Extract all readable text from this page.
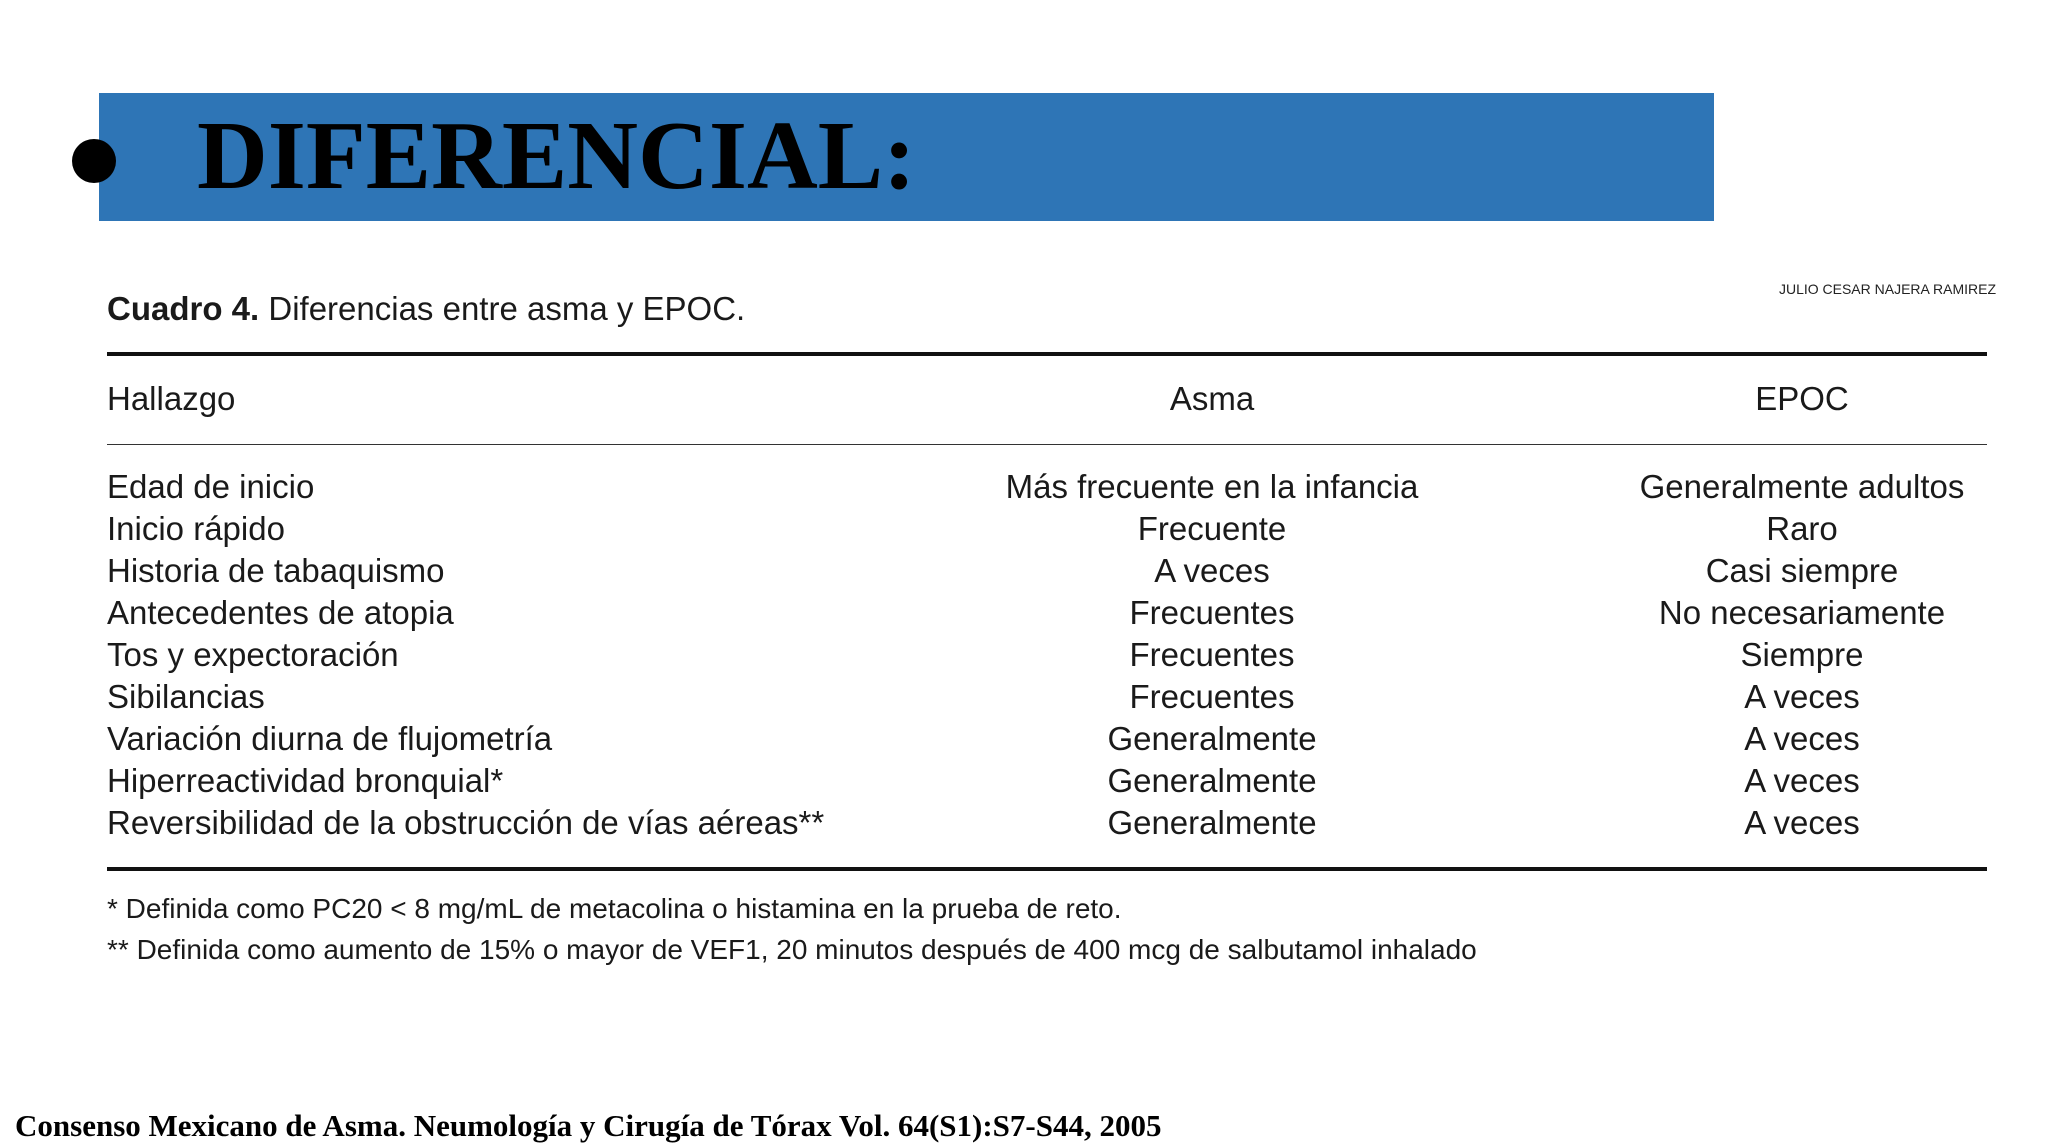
DIFERENCIAL:
JULIO CESAR NAJERA RAMIREZ
Cuadro 4. Diferencias entre asma y EPOC.
Hallazgo	Asma	EPOC
Edad de inicio	Más frecuente en la infancia	Generalmente adultos
Inicio rápido	Frecuente	Raro
Historia de tabaquismo	A veces	Casi siempre
Antecedentes de atopia	Frecuentes	No necesariamente
Tos y expectoración	Frecuentes	Siempre
Sibilancias	Frecuentes	A veces
Variación diurna de flujometría	Generalmente	A veces
Hiperreactividad bronquial*	Generalmente	A veces
Reversibilidad de la obstrucción de vías aéreas**	Generalmente	A veces
* Definida como PC20 < 8 mg/mL de metacolina o histamina en la prueba de reto.
** Definida como aumento de 15% o mayor de VEF1, 20 minutos después de 400 mcg de salbutamol inhalado
Consenso Mexicano de Asma. Neumología y Cirugía de Tórax Vol. 64(S1):S7-S44, 2005
